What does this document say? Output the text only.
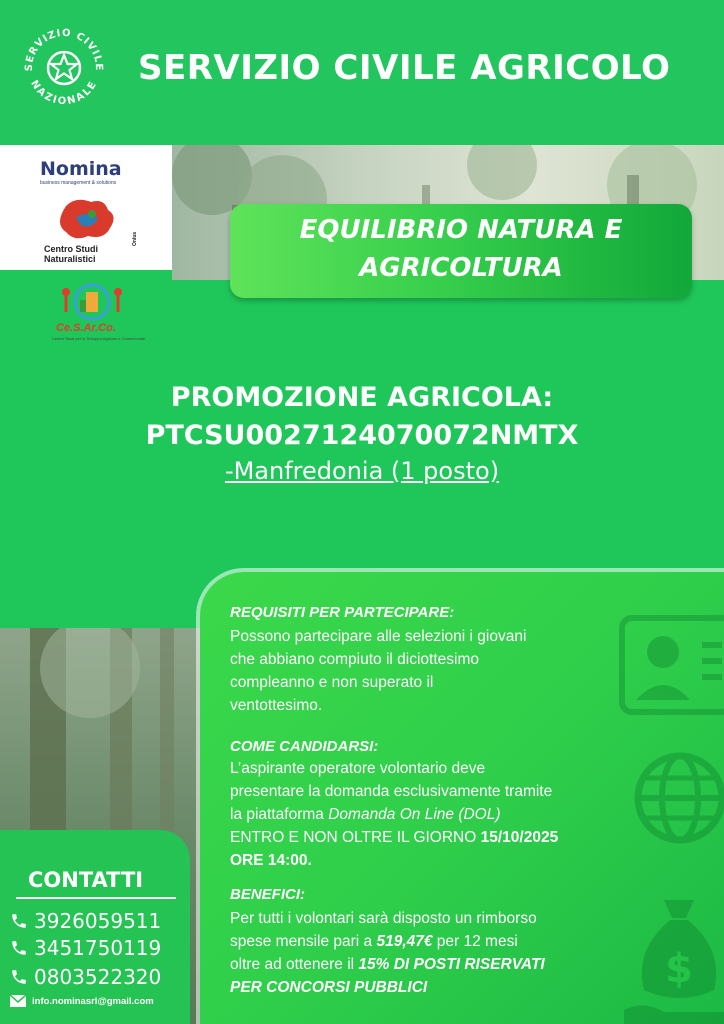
SERVIZIO CIVILE
NAZIONALE SERVIZIO CIVILE AGRICOLO
Nomina
business management & solutions
Centro Studi
Naturalistici
Onlus
Ce.S.Ar.Co.
Centro Studi per lo Sviluppo Agricolo e Commerciale
EQUILIBRIO NATURA E
AGRICOLTURA
PROMOZIONE AGRICOLA:
PTCSU0027124070072NMTX
-Manfredonia (1 posto)
$
REQUISITI PER PARTECIPARE:
Possono partecipare alle selezioni i giovani
che abbiano compiuto il diciottesimo
compleanno e non superato il
ventottesimo.
COME CANDIDARSI:
L’aspirante operatore volontario deve
presentare la domanda esclusivamente tramite
la piattaforma Domanda On Line (DOL)
ENTRO E NON OLTRE IL GIORNO 15/10/2025
ORE 14:00.
BENEFICI:
Per tutti i volontari sarà disposto un rimborso
spese mensile pari a 519,47€ per 12 mesi
oltre ad ottenere il 15% DI POSTI RISERVATI
PER CONCORSI PUBBLICI
CONTATTI
3926059511
3451750119
0803522320
info.nominasrl@gmail.com
